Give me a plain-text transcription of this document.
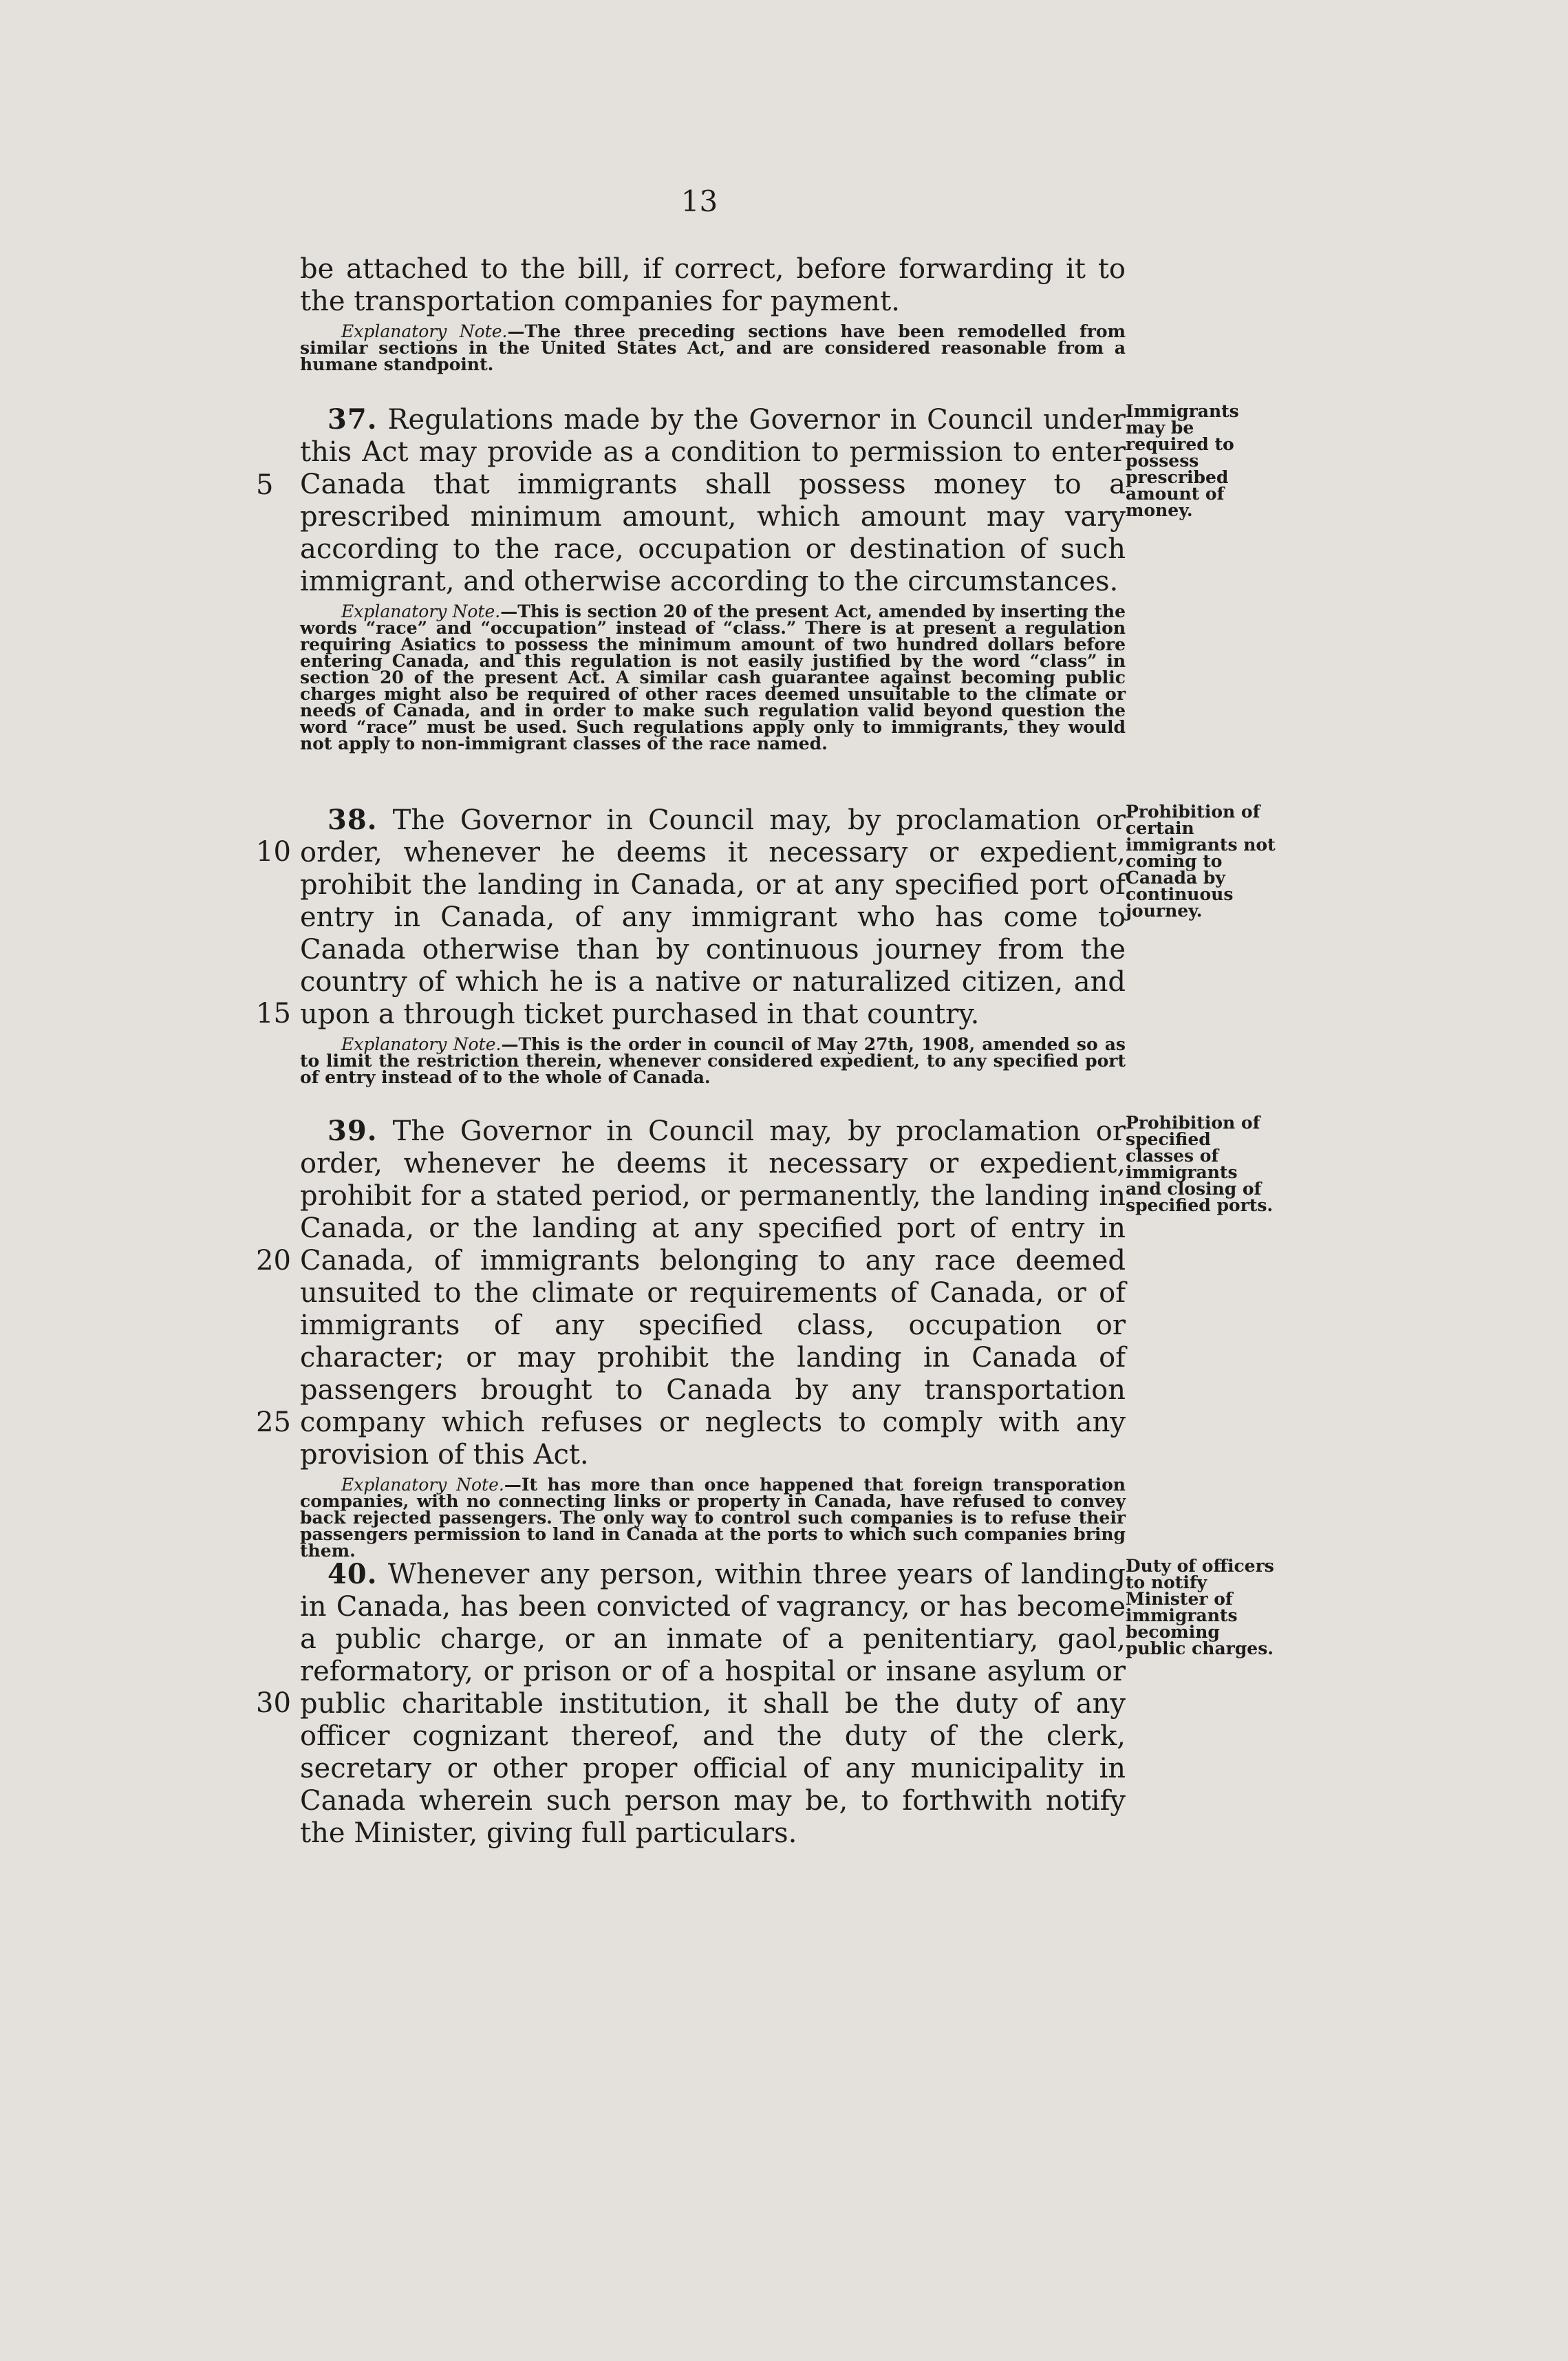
13

be attached to the bill, if correct, before forwarding it to the transportation companies for payment.

Explanatory Note.—The three preceding sections have been remodelled from similar sections in the United States Act, and are considered reasonable from a humane standpoint.

37. Regulations made by the Governor in Council under this Act may provide as a condition to permission to enter Canada that immigrants shall possess money to a prescribed minimum amount, which amount may vary according to the race, occupation or destination of such immigrant, and otherwise according to the circumstances.

Explanatory Note.—This is section 20 of the present Act, amended by inserting the words “race” and “occupation” instead of “class.” There is at present a regulation requiring Asiatics to possess the minimum amount of two hundred dollars before entering Canada, and this regulation is not easily justified by the word “class” in section 20 of the present Act. A similar cash guarantee against becoming public charges might also be required of other races deemed unsuitable to the climate or needs of Canada, and in order to make such regulation valid beyond question the word “race” must be used. Such regulations apply only to immigrants, they would not apply to non-immigrant classes of the race named.

Immigrants may be required to possess prescribed amount of money.

38. The Governor in Council may, by proclamation or order, whenever he deems it necessary or expedient, prohibit the landing in Canada, or at any specified port of entry in Canada, of any immigrant who has come to Canada otherwise than by continuous journey from the country of which he is a native or naturalized citizen, and upon a through ticket purchased in that country.

Explanatory Note.—This is the order in council of May 27th, 1908, amended so as to limit the restriction therein, whenever considered expedient, to any specified port of entry instead of to the whole of Canada.

Prohibition of certain immigrants not coming to Canada by continuous journey.

39. The Governor in Council may, by proclamation or order, whenever he deems it necessary or expedient, prohibit for a stated period, or permanently, the landing in Canada, or the landing at any specified port of entry in Canada, of immigrants belonging to any race deemed unsuited to the climate or requirements of Canada, or of immigrants of any specified class, occupation or character; or may prohibit the landing in Canada of passengers brought to Canada by any transportation company which refuses or neglects to comply with any provision of this Act.

Explanatory Note.—It has more than once happened that foreign transporation companies, with no connecting links or property in Canada, have refused to convey back rejected passengers. The only way to control such companies is to refuse their passengers permission to land in Canada at the ports to which such companies bring them.

Prohibition of specified classes of immigrants and closing of specified ports.

40. Whenever any person, within three years of landing in Canada, has been convicted of vagrancy, or has become a public charge, or an inmate of a penitentiary, gaol, reformatory, or prison or of a hospital or insane asylum or public charitable institution, it shall be the duty of any officer cognizant thereof, and the duty of the clerk, secretary or other proper official of any municipality in Canada wherein such person may be, to forthwith notify the Minister, giving full particulars.

Duty of officers to notify Minister of immigrants becoming public charges.
5
10
15
20
25
30
